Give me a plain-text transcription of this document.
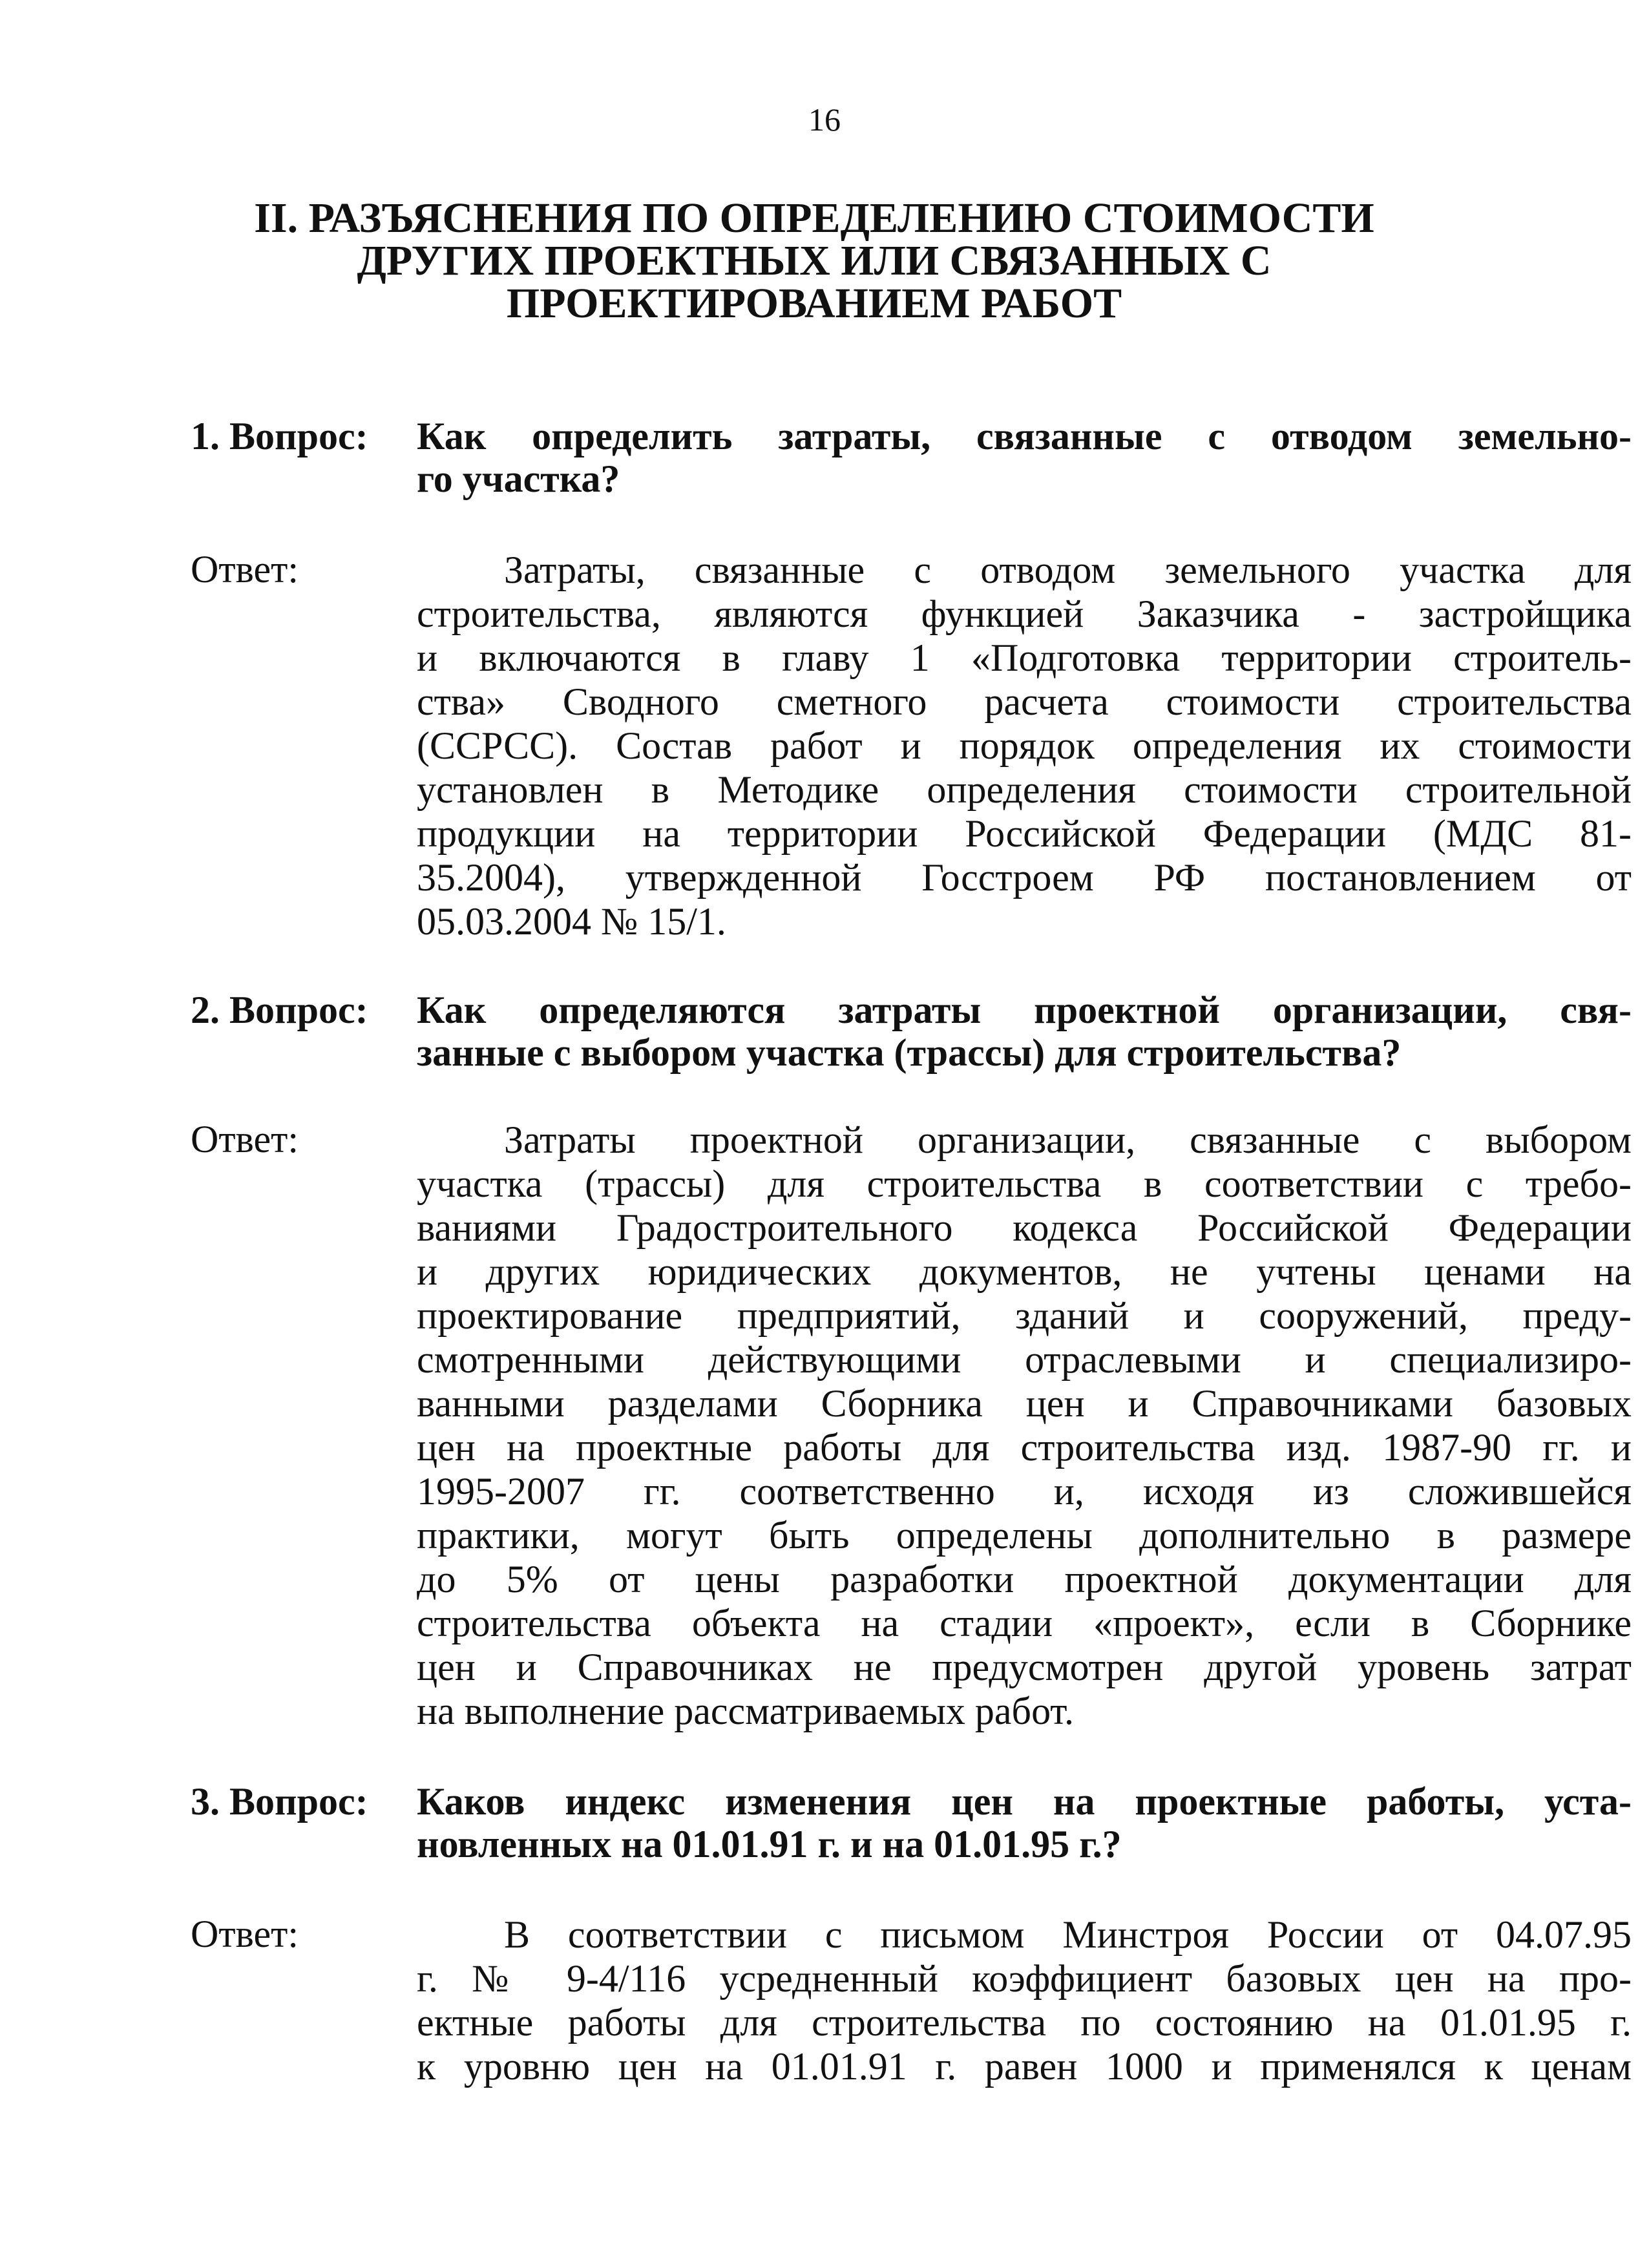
16
II. РАЗЪЯСНЕНИЯ ПО ОПРЕДЕЛЕНИЮ СТОИМОСТИ
ДРУГИХ ПРОЕКТНЫХ ИЛИ СВЯЗАННЫХ С
ПРОЕКТИРОВАНИЕМ РАБОТ
1. Вопрос: Как определить затраты, связанные с отводом земельно-
го участка?
Ответ:	Затраты, связанные с отводом земельного участка для
строительства, являются функцией Заказчика - застройщика
и включаются в главу 1 «Подготовка территории строитель-
ства» Сводного сметного расчета стоимости строительства
(ССРСС). Состав работ и порядок определения их стоимости
установлен в Методике определения стоимости строительной
продукции на территории Российской Федерации (МДС 81-
35.2004), утвержденной Госстроем РФ постановлением от
05.03.2004 № 15/1.
2. Вопрос: Как определяются затраты проектной организации, свя-
занные с выбором участка (трассы) для строительства?
Ответ:	Затраты проектной организации, связанные с выбором
участка (трассы) для строительства в соответствии с требо-
ваниями Градостроительного кодекса Российской Федерации
и других юридических документов, не учтены ценами на
проектирование предприятий, зданий и сооружений, преду-
смотренными действующими отраслевыми и специализиро-
ванными разделами Сборника цен и Справочниками базовых
цен на проектные работы для строительства изд. 1987-90 гг. и
1995-2007 гг. соответственно и, исходя из сложившейся
практики, могут быть определены дополнительно в размере
до 5% от цены разработки проектной документации для
строительства объекта на стадии «проект», если в Сборнике
цен и Справочниках не предусмотрен другой уровень затрат
на выполнение рассматриваемых работ.
3. Вопрос: Каков индекс изменения цен на проектные работы, уста-
новленных на 01.01.91 г. и на 01.01.95 г.?
Ответ:	В соответствии с письмом Минстроя России от 04.07.95
г. № 9-4/116 усредненный коэффициент базовых цен на про-
ектные работы для строительства по состоянию на 01.01.95 г.
к уровню цен на 01.01.91 г. равен 1000 и применялся к ценам
